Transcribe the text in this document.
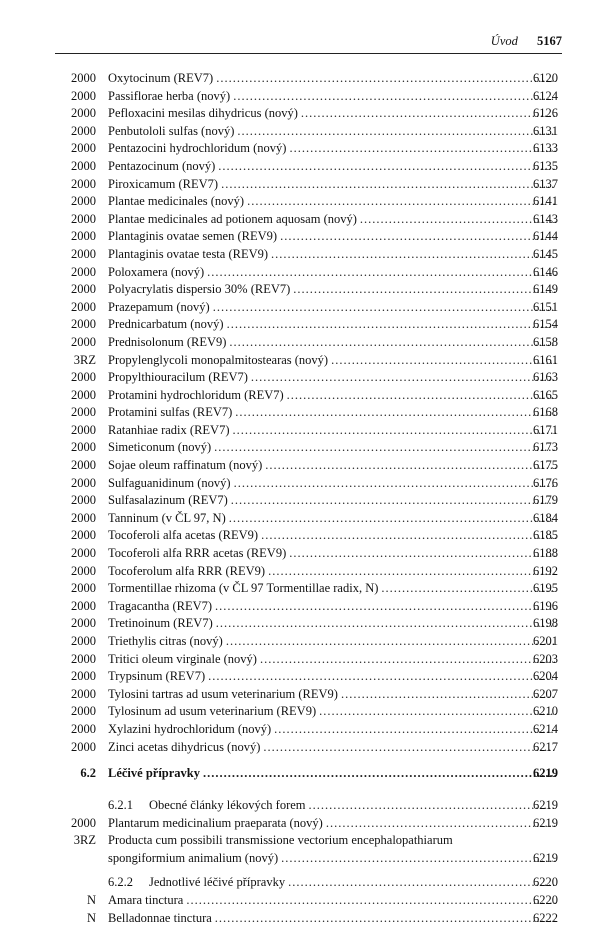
Úvod 5167
2000 Oxytocinum (REV7) .....	6120
2000 Passiflorae herba (nový) .....	6124
2000 Pefloxacini mesilas dihydricus (nový) .....	6126
2000 Penbutololi sulfas (nový) .....	6131
2000 Pentazocini hydrochloridum (nový) .....	6133
2000 Pentazocinum (nový) .....	6135
2000 Piroxicamum (REV7) .....	6137
2000 Plantae medicinales (nový) .....	6141
2000 Plantae medicinales ad potionem aquosam (nový) .....	6143
2000 Plantaginis ovatae semen (REV9) .....	6144
2000 Plantaginis ovatae testa (REV9) .....	6145
2000 Poloxamera (nový) .....	6146
2000 Polyacrylatis dispersio 30% (REV7) .....	6149
2000 Prazepamum (nový) .....	6151
2000 Prednicarbatum (nový) .....	6154
2000 Prednisolonum (REV9) .....	6158
3RZ Propylenglycoli monopalmitostearas (nový) .....	6161
2000 Propylthiouracilum (REV7) .....	6163
2000 Protamini hydrochloridum (REV7) .....	6165
2000 Protamini sulfas (REV7) .....	6168
2000 Ratanhiae radix (REV7) .....	6171
2000 Simeticonum (nový) .....	6173
2000 Sojae oleum raffinatum (nový) .....	6175
2000 Sulfaguanidinum (nový) .....	6176
2000 Sulfasalazinum (REV7) .....	6179
2000 Tanninum (v ČL 97, N) .....	6184
2000 Tocoferoli alfa acetas (REV9) .....	6185
2000 Tocoferoli alfa RRR acetas (REV9) .....	6188
2000 Tocoferolum alfa RRR (REV9) .....	6192
2000 Tormentillae rhizoma (v ČL 97 Tormentillae radix, N) .....	6195
2000 Tragacantha (REV7) .....	6196
2000 Tretinoinum (REV7) .....	6198
2000 Triethylis citras (nový) .....	6201
2000 Tritici oleum virginale (nový) .....	6203
2000 Trypsinum (REV7) .....	6204
2000 Tylosini tartras ad usum veterinarium (REV9) .....	6207
2000 Tylosinum ad usum veterinarium (REV9) .....	6210
2000 Xylazini hydrochloridum (nový) .....	6214
2000 Zinci acetas dihydricus (nový) .....	6217
6.2 Léčivé přípravky .....	6219
6.2.1	Obecné články lékových forem .....	6219
2000 Plantarum medicinalium praeparata (nový) .....	6219
3RZ Producta cum possibili transmissione vectorium encephalopathiarum
spongiformium animalium (nový) .....	6219
6.2.2	Jednotlivé léčivé přípravky .....	6220
N Amara tinctura .....	6220
N Belladonnae tinctura .....	6222
